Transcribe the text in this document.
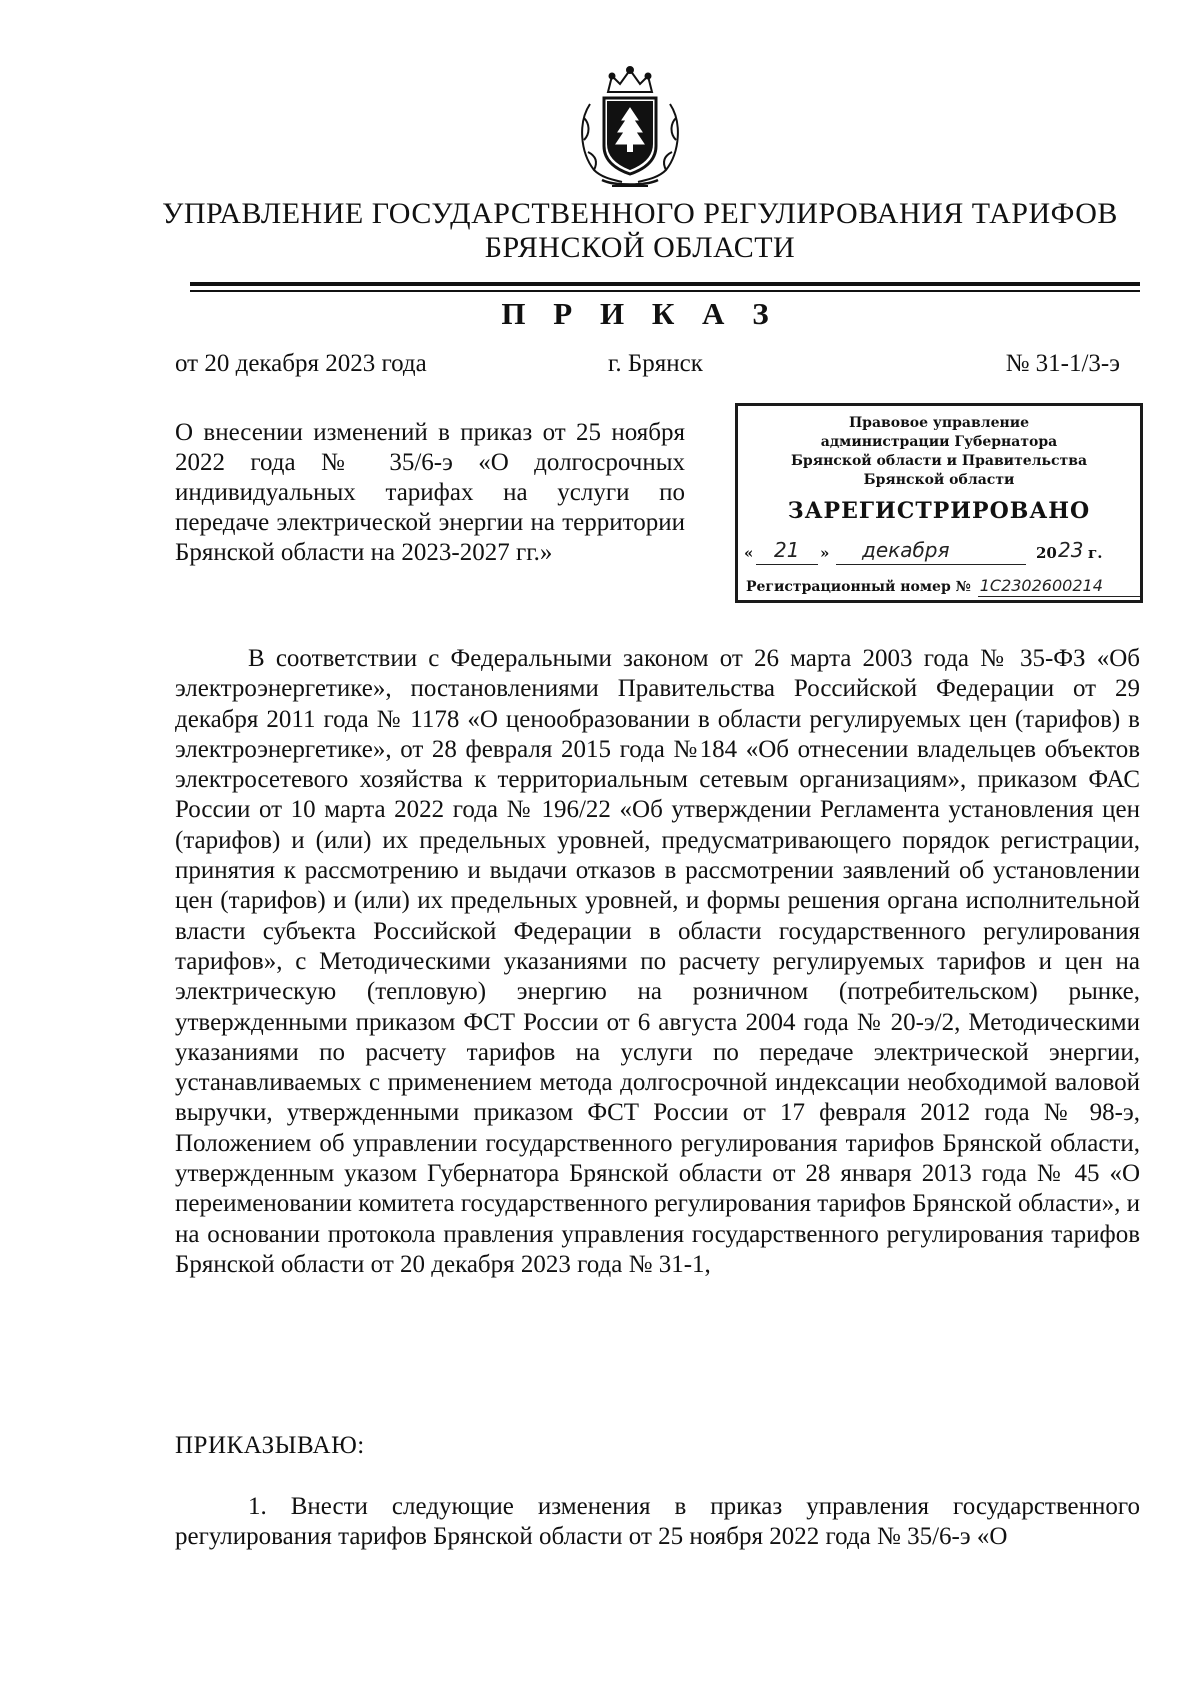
УПРАВЛЕНИЕ ГОСУДАРСТВЕННОГО РЕГУЛИРОВАНИЯ ТАРИФОВ
БРЯНСКОЙ ОБЛАСТИ
П Р И К А З
от 20 декабря 2023 года	г. Брянск	№ 31-1/3-э
О внесении изменений в приказ от 25 ноября 2022 года № 35/6-э «О долгосрочных индивидуальных тарифах на услуги по передаче электрической энергии на территории Брянской области на 2023-2027 гг.»
Правовое управление
администрации Губернатора
Брянской области и Правительства
Брянской области
ЗАРЕГИСТРИРОВАНО
« 21 » декабря	20 23 г.
Регистрационный номер № 1С2302600214

В соответствии с Федеральными законом от 26 марта 2003 года № 35-ФЗ «Об электроэнергетике», постановлениями Правительства Российской Федерации от 29 декабря 2011 года № 1178 «О ценообразовании в области регулируемых цен (тарифов) в электроэнергетике», от 28 февраля 2015 года №184 «Об отнесении владельцев объектов электросетевого хозяйства к территориальным сетевым организациям», приказом ФАС России от 10 марта 2022 года № 196/22 «Об утверждении Регламента установления цен (тарифов) и (или) их предельных уровней, предусматривающего порядок регистрации, принятия к рассмотрению и выдачи отказов в рассмотрении заявлений об установлении цен (тарифов) и (или) их предельных уровней, и формы решения органа исполнительной власти субъекта Российской Федерации в области государственного регулирования тарифов», с Методическими указаниями по расчету регулируемых тарифов и цен на электрическую (тепловую) энергию на розничном (потребительском) рынке, утвержденными приказом ФСТ России от 6 августа 2004 года № 20-э/2, Методическими указаниями по расчету тарифов на услуги по передаче электрической энергии, устанавливаемых с применением метода долгосрочной индексации необходимой валовой выручки, утвержденными приказом ФСТ России от 17 февраля 2012 года № 98-э, Положением об управлении государственного регулирования тарифов Брянской области, утвержденным указом Губернатора Брянской области от 28 января 2013 года № 45 «О переименовании комитета государственного регулирования тарифов Брянской области», и на основании протокола правления управления государственного регулирования тарифов Брянской области от 20 декабря 2023 года № 31-1,

ПРИКАЗЫВАЮ:

1. Внести следующие изменения в приказ управления государственного регулирования тарифов Брянской области от 25 ноября 2022 года № 35/6-э «О
